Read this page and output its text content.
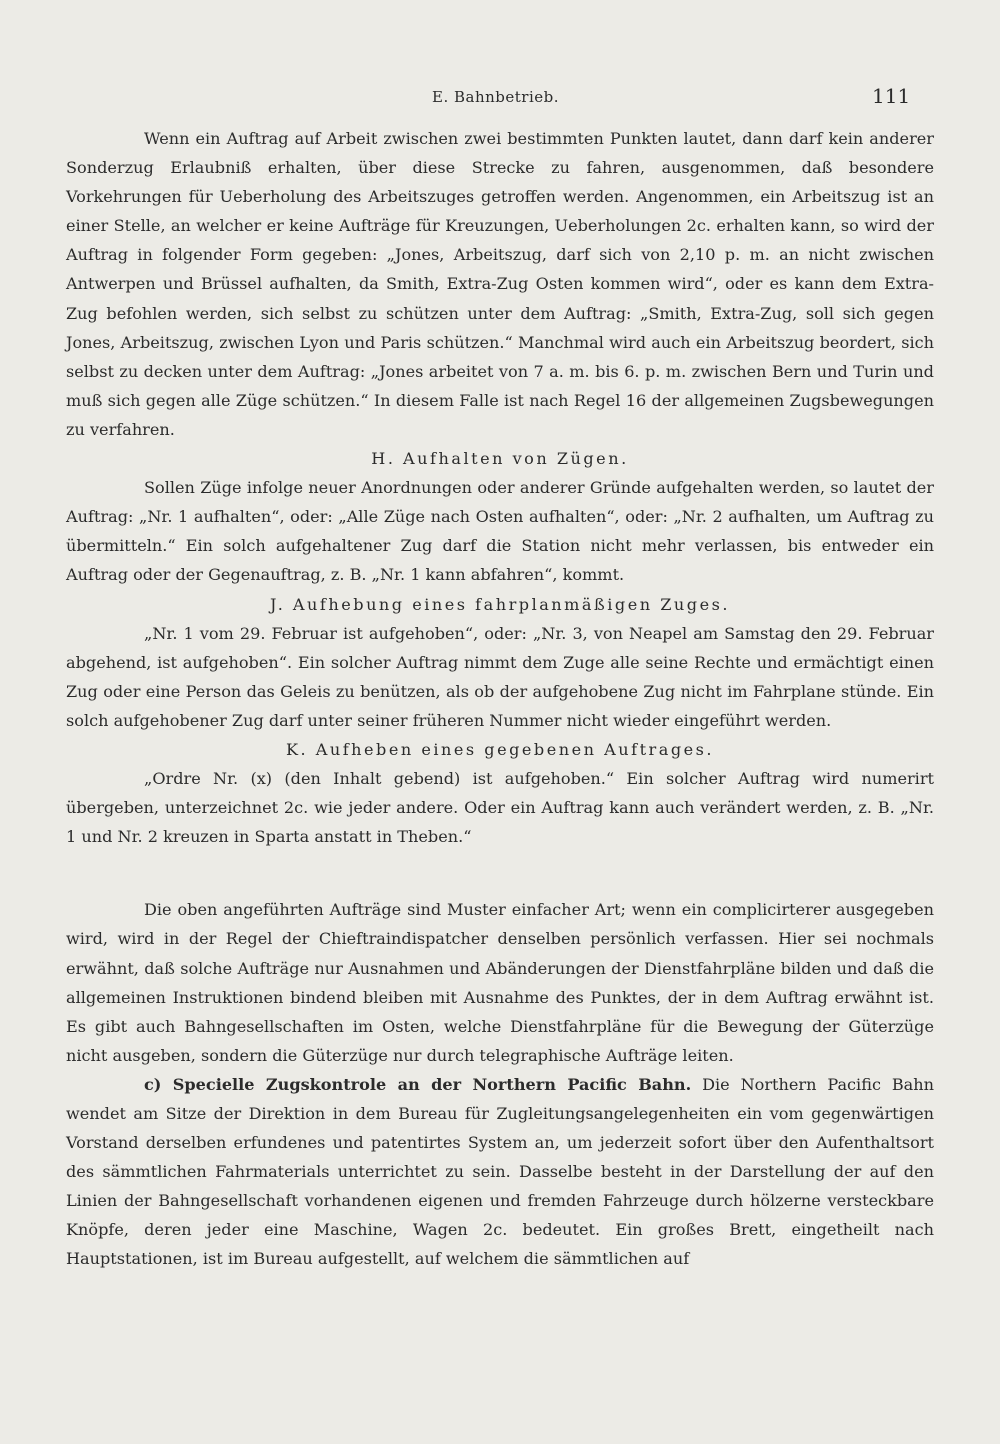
E. Bahnbetrieb.	111

Wenn ein Auftrag auf Arbeit zwischen zwei bestimmten Punkten lautet, dann darf kein anderer Sonderzug Erlaubniß erhalten, über diese Strecke zu fahren, ausgenommen, daß besondere Vorkehrungen für Ueberholung des Arbeitszuges getroffen werden. Angenommen, ein Arbeitszug ist an einer Stelle, an welcher er keine Aufträge für Kreuzungen, Ueberholungen 2c. erhalten kann, so wird der Auftrag in folgender Form gegeben: „Jones, Arbeitszug, darf sich von 2,10 p. m. an nicht zwischen Antwerpen und Brüssel aufhalten, da Smith, Extra-Zug Osten kommen wird“, oder es kann dem Extra-Zug befohlen werden, sich selbst zu schützen unter dem Auftrag: „Smith, Extra-Zug, soll sich gegen Jones, Arbeitszug, zwischen Lyon und Paris schützen.“ Manchmal wird auch ein Arbeitszug beordert, sich selbst zu decken unter dem Auftrag: „Jones arbeitet von 7 a. m. bis 6. p. m. zwischen Bern und Turin und muß sich gegen alle Züge schützen.“ In diesem Falle ist nach Regel 16 der allgemeinen Zugsbewegungen zu verfahren.

H. Aufhalten von Zügen.

Sollen Züge infolge neuer Anordnungen oder anderer Gründe aufgehalten werden, so lautet der Auftrag: „Nr. 1 aufhalten“, oder: „Alle Züge nach Osten aufhalten“, oder: „Nr. 2 aufhalten, um Auftrag zu übermitteln.“ Ein solch aufgehaltener Zug darf die Station nicht mehr verlassen, bis entweder ein Auftrag oder der Gegenauftrag, z. B. „Nr. 1 kann abfahren“, kommt.

J. Aufhebung eines fahrplanmäßigen Zuges.

„Nr. 1 vom 29. Februar ist aufgehoben“, oder: „Nr. 3, von Neapel am Samstag den 29. Februar abgehend, ist aufgehoben“. Ein solcher Auftrag nimmt dem Zuge alle seine Rechte und ermächtigt einen Zug oder eine Person das Geleis zu benützen, als ob der aufgehobene Zug nicht im Fahrplane stünde. Ein solch aufgehobener Zug darf unter seiner früheren Nummer nicht wieder eingeführt werden.

K. Aufheben eines gegebenen Auftrages.

„Ordre Nr. (x) (den Inhalt gebend) ist aufgehoben.“ Ein solcher Auftrag wird numerirt übergeben, unterzeichnet 2c. wie jeder andere. Oder ein Auftrag kann auch verändert werden, z. B. „Nr. 1 und Nr. 2 kreuzen in Sparta anstatt in Theben.“

Die oben angeführten Aufträge sind Muster einfacher Art; wenn ein complicirterer ausgegeben wird, wird in der Regel der Chieftraindispatcher denselben persönlich verfassen. Hier sei nochmals erwähnt, daß solche Aufträge nur Ausnahmen und Abänderungen der Dienstfahrpläne bilden und daß die allgemeinen Instruktionen bindend bleiben mit Ausnahme des Punktes, der in dem Auftrag erwähnt ist. Es gibt auch Bahngesellschaften im Osten, welche Dienstfahrpläne für die Bewegung der Güterzüge nicht ausgeben, sondern die Güterzüge nur durch telegraphische Aufträge leiten.

c) Specielle Zugskontrole an der Northern Pacific Bahn. Die Northern Pacific Bahn wendet am Sitze der Direktion in dem Bureau für Zugleitungsangelegenheiten ein vom gegenwärtigen Vorstand derselben erfundenes und patentirtes System an, um jederzeit sofort über den Aufenthaltsort des sämmtlichen Fahrmaterials unterrichtet zu sein. Dasselbe besteht in der Darstellung der auf den Linien der Bahngesellschaft vorhandenen eigenen und fremden Fahrzeuge durch hölzerne versteckbare Knöpfe, deren jeder eine Maschine, Wagen 2c. bedeutet. Ein großes Brett, eingetheilt nach Hauptstationen, ist im Bureau aufgestellt, auf welchem die sämmtlichen auf
